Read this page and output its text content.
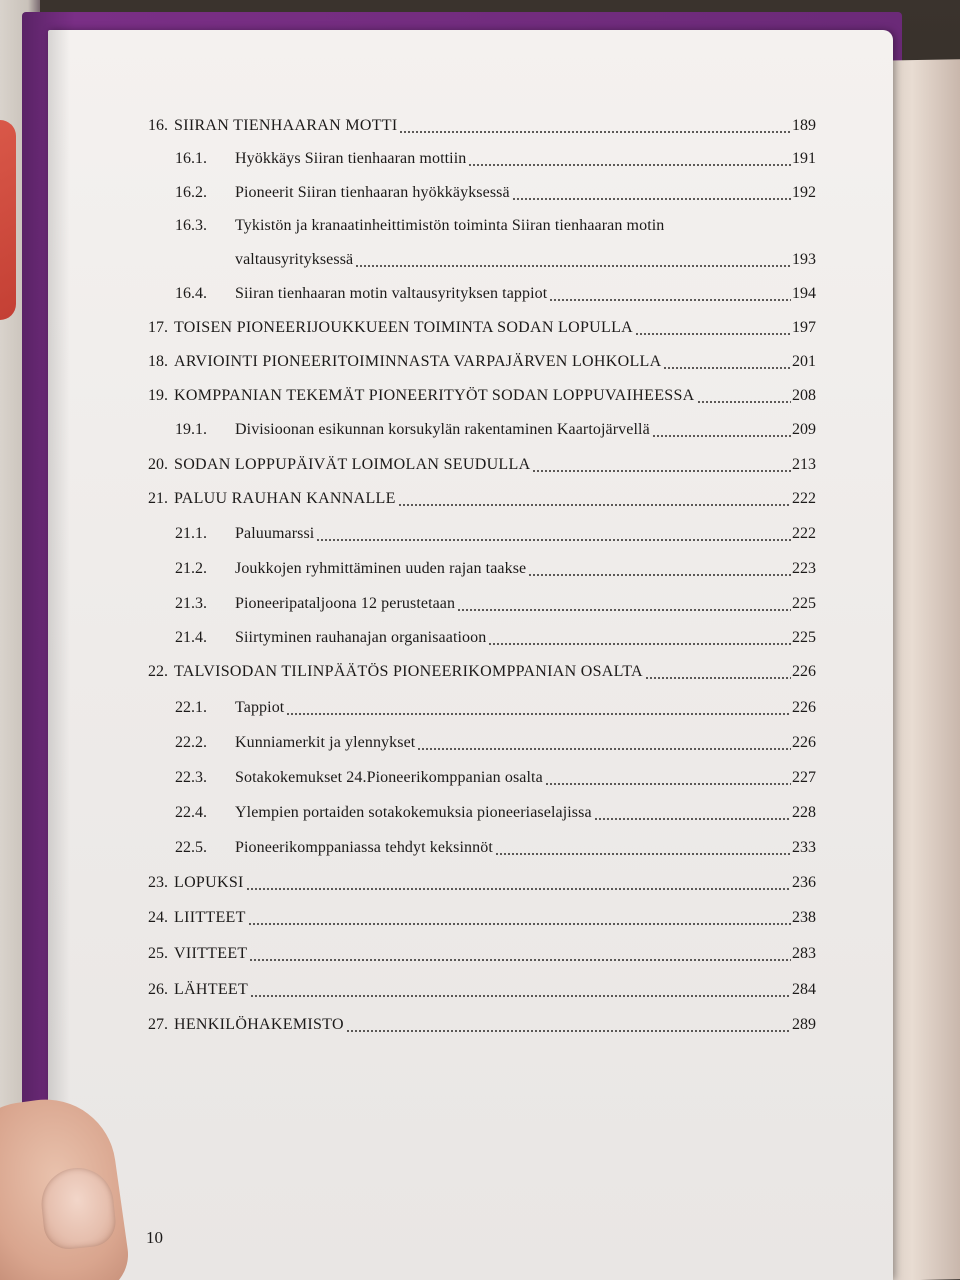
16. SIIRAN TIENHAARAN MOTTI	189
16.1.	Hyökkäys Siiran tienhaaran mottiin	191
16.2.	Pioneerit Siiran tienhaaran hyökkäyksessä	192
16.3.	Tykistön ja kranaatinheittimistön toiminta Siiran tienhaaran motin
valtausyrityksessä	193
16.4.	Siiran tienhaaran motin valtausyrityksen tappiot	194
17. TOISEN PIONEERIJOUKKUEEN TOIMINTA SODAN LOPULLA	197
18. ARVIOINTI PIONEERITOIMINNASTA VARPAJÄRVEN LOHKOLLA	201
19. KOMPPANIAN TEKEMÄT PIONEERITYÖT SODAN LOPPUVAIHEESSA	208
19.1.	Divisioonan esikunnan korsukylän rakentaminen Kaartojärvellä	209
20. SODAN LOPPUPÄIVÄT LOIMOLAN SEUDULLA	213
21. PALUU RAUHAN KANNALLE	222
21.1.	Paluumarssi	222
21.2.	Joukkojen ryhmittäminen uuden rajan taakse	223
21.3.	Pioneeripataljoona 12 perustetaan	225
21.4.	Siirtyminen rauhanajan organisaatioon	225
22. TALVISODAN TILINPÄÄTÖS PIONEERIKOMPPANIAN OSALTA	226
22.1.	Tappiot	226
22.2.	Kunniamerkit ja ylennykset	226
22.3.	Sotakokemukset 24.Pioneerikomppanian osalta	227
22.4.	Ylempien portaiden sotakokemuksia pioneeriaselajissa	228
22.5.	Pioneerikomppaniassa tehdyt keksinnöt	233
23. LOPUKSI	236
24. LIITTEET	238
25. VIITTEET	283
26. LÄHTEET	284
27. HENKILÖHAKEMISTO	289
10
